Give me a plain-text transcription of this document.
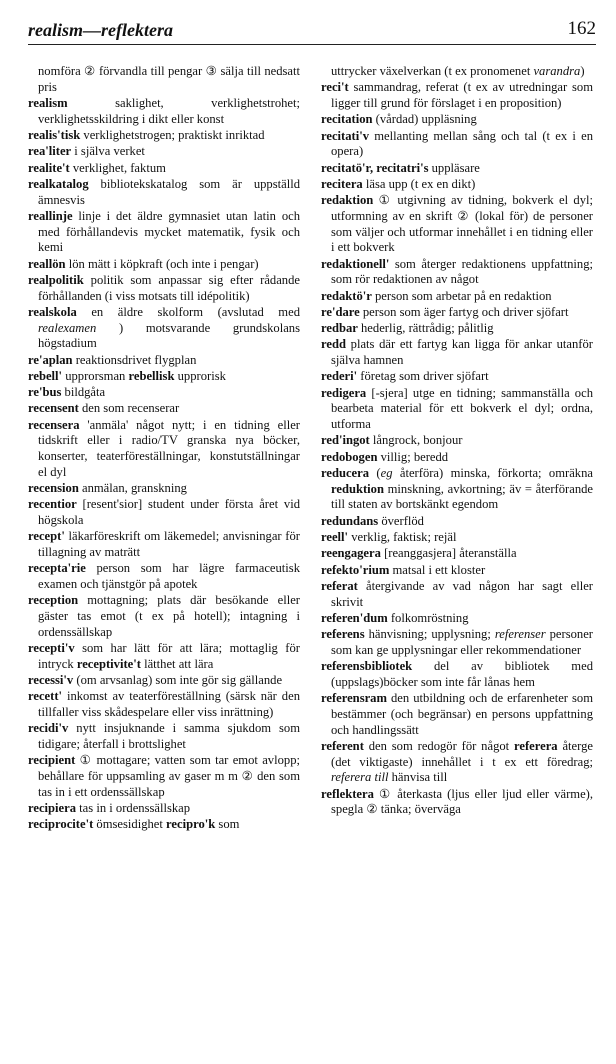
realism—reflektera	162

nomföra ② förvandla till pengar ③ sälja till nedsatt pris

realism saklighet, verklighetstrohet; verklighetsskildring i dikt eller konst

realis'tisk verklighetstrogen; praktiskt inriktad

rea'liter i själva verket

realite't verklighet, faktum

realkatalog bibliotekskatalog som är uppställd ämnesvis

reallinje linje i det äldre gymnasiet utan latin och med förhållandevis mycket matematik, fysik och kemi

reallön lön mätt i köpkraft (och inte i pengar)

realpolitik politik som anpassar sig efter rådande förhållanden (i viss motsats till idépolitik)

realskola en äldre skolform (avslutad med realexamen ) motsvarande grundskolans högstadium

re'aplan reaktionsdrivet flygplan

rebell' upprorsman rebellisk upprorisk

re'bus bildgåta

recensent den som recenserar

recensera 'anmäla' något nytt; i en tidning eller tidskrift eller i radio/TV granska nya böcker, konserter, teaterföreställningar, konstutställningar el dyl

recension anmälan, granskning

recentior [resent'sior] student under första året vid högskola

recept' läkarföreskrift om läkemedel; anvisningar för tillagning av maträtt

recepta'rie person som har lägre farmaceutisk examen och tjänstgör på apotek

reception mottagning; plats där besökande eller gäster tas emot (t ex på hotell); intagning i ordenssällskap

recepti'v som har lätt för att lära; mottaglig för intryck receptivite't lätthet att lära

recessi'v (om arvsanlag) som inte gör sig gällande

recett' inkomst av teaterföreställning (särsk när den tillfaller viss skådespelare eller viss inrättning)

recidi'v nytt insjuknande i samma sjukdom som tidigare; återfall i brottslighet

recipient ① mottagare; vatten som tar emot avlopp; behållare för uppsamling av gaser m m ② den som tas in i ett ordenssällskap

recipiera tas in i ordenssällskap

reciprocite't ömsesidighet recipro'k som

uttrycker växelverkan (t ex pronomenet varandra)

reci't sammandrag, referat (t ex av utredningar som ligger till grund för förslaget i en proposition)

recitation (vårdad) uppläsning

recitati'v mellanting mellan sång och tal (t ex i en opera)

recitatö'r, recitatri's uppläsare

recitera läsa upp (t ex en dikt)

redaktion ① utgivning av tidning, bokverk el dyl; utformning av en skrift ② (lokal för) de personer som väljer och utformar innehållet i en tidning eller i ett bokverk

redaktionell' som återger redaktionens uppfattning; som rör redaktionen av något

redaktö'r person som arbetar på en redaktion

re'dare person som äger fartyg och driver sjöfart

redbar hederlig, rättrådig; pålitlig

redd plats där ett fartyg kan ligga för ankar utanför själva hamnen

rederi' företag som driver sjöfart

redigera [-sjera] utge en tidning; sammanställa och bearbeta material för ett bokverk el dyl; ordna, utforma

red'ingot långrock, bonjour

redobogen villig; beredd

reducera (eg återföra) minska, förkorta; omräkna reduktion minskning, avkortning; äv = återförande till staten av bortskänkt egendom

redundans överflöd

reell' verklig, faktisk; rejäl

reengagera [reanggasjera] återanställa

refekto'rium matsal i ett kloster

referat återgivande av vad någon har sagt eller skrivit

referen'dum folkomröstning

referens hänvisning; upplysning; referenser personer som kan ge upplysningar eller rekommendationer

referensbibliotek del av bibliotek med (uppslags)böcker som inte får lånas hem

referensram den utbildning och de erfarenheter som bestämmer (och begränsar) en persons uppfattning och handlingssätt

referent den som redogör för något referera återge (det viktigaste) innehållet i t ex ett föredrag; referera till hänvisa till

reflektera ① återkasta (ljus eller ljud eller värme), spegla ② tänka; överväga
